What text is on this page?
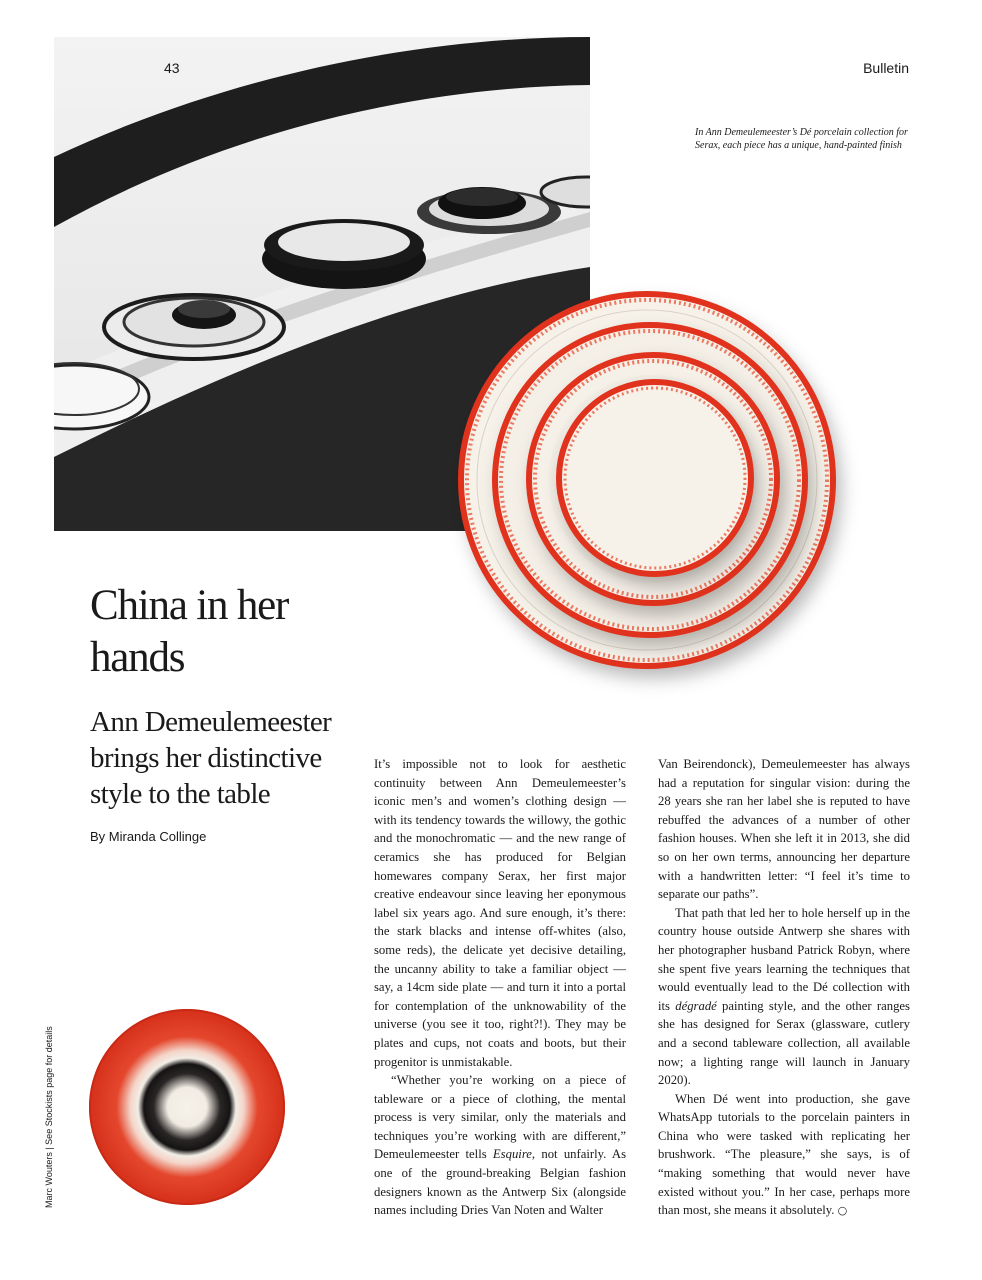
43	Bulletin
In Ann Demeulemeester’s Dé porcelain collection for Serax, each piece has a unique, hand-painted finish
China in her hands
Ann Demeulemeester brings her distinctive style to the table
By Miranda Collinge

It’s impossible not to look for aesthetic continuity between Ann Demeulemeester’s iconic men’s and women’s clothing design — with its tendency towards the willowy, the gothic and the monochromatic — and the new range of ceramics she has produced for Belgian homewares company Serax, her first major creative endeavour since leaving her eponymous label six years ago. And sure enough, it’s there: the stark blacks and intense off-whites (also, some reds), the delicate yet decisive detailing, the uncanny ability to take a familiar object — say, a 14cm side plate — and turn it into a portal for contemplation of the unknowability of the universe (you see it too, right?!). They may be plates and cups, not coats and boots, but their progenitor is unmistakable.

“Whether you’re working on a piece of tableware or a piece of clothing, the mental process is very similar, only the materials and techniques you’re working with are different,” Demeulemeester tells Esquire, not unfairly. As one of the ground-breaking Belgian fashion designers known as the Antwerp Six (alongside names including Dries Van Noten and Walter

Van Beirendonck), Demeulemeester has always had a reputation for singular vision: during the 28 years she ran her label she is reputed to have rebuffed the advances of a number of other fashion houses. When she left it in 2013, she did so on her own terms, announcing her departure with a handwritten letter: “I feel it’s time to separate our paths”.

That path that led her to hole herself up in the country house outside Antwerp she shares with her photographer husband Patrick Robyn, where she spent five years learning the techniques that would eventually lead to the Dé collection with its dégradé painting style, and the other ranges she has designed for Serax (glassware, cutlery and a second tableware collection, all available now; a lighting range will launch in January 2020).

When Dé went into production, she gave WhatsApp tutorials to the porcelain painters in China who were tasked with replicating her brushwork. “The pleasure,” she says, is of “making something that would never have existed without you.” In her case, perhaps more than most, she means it absolutely. ○

Marc Wouters | See Stockists page for details
